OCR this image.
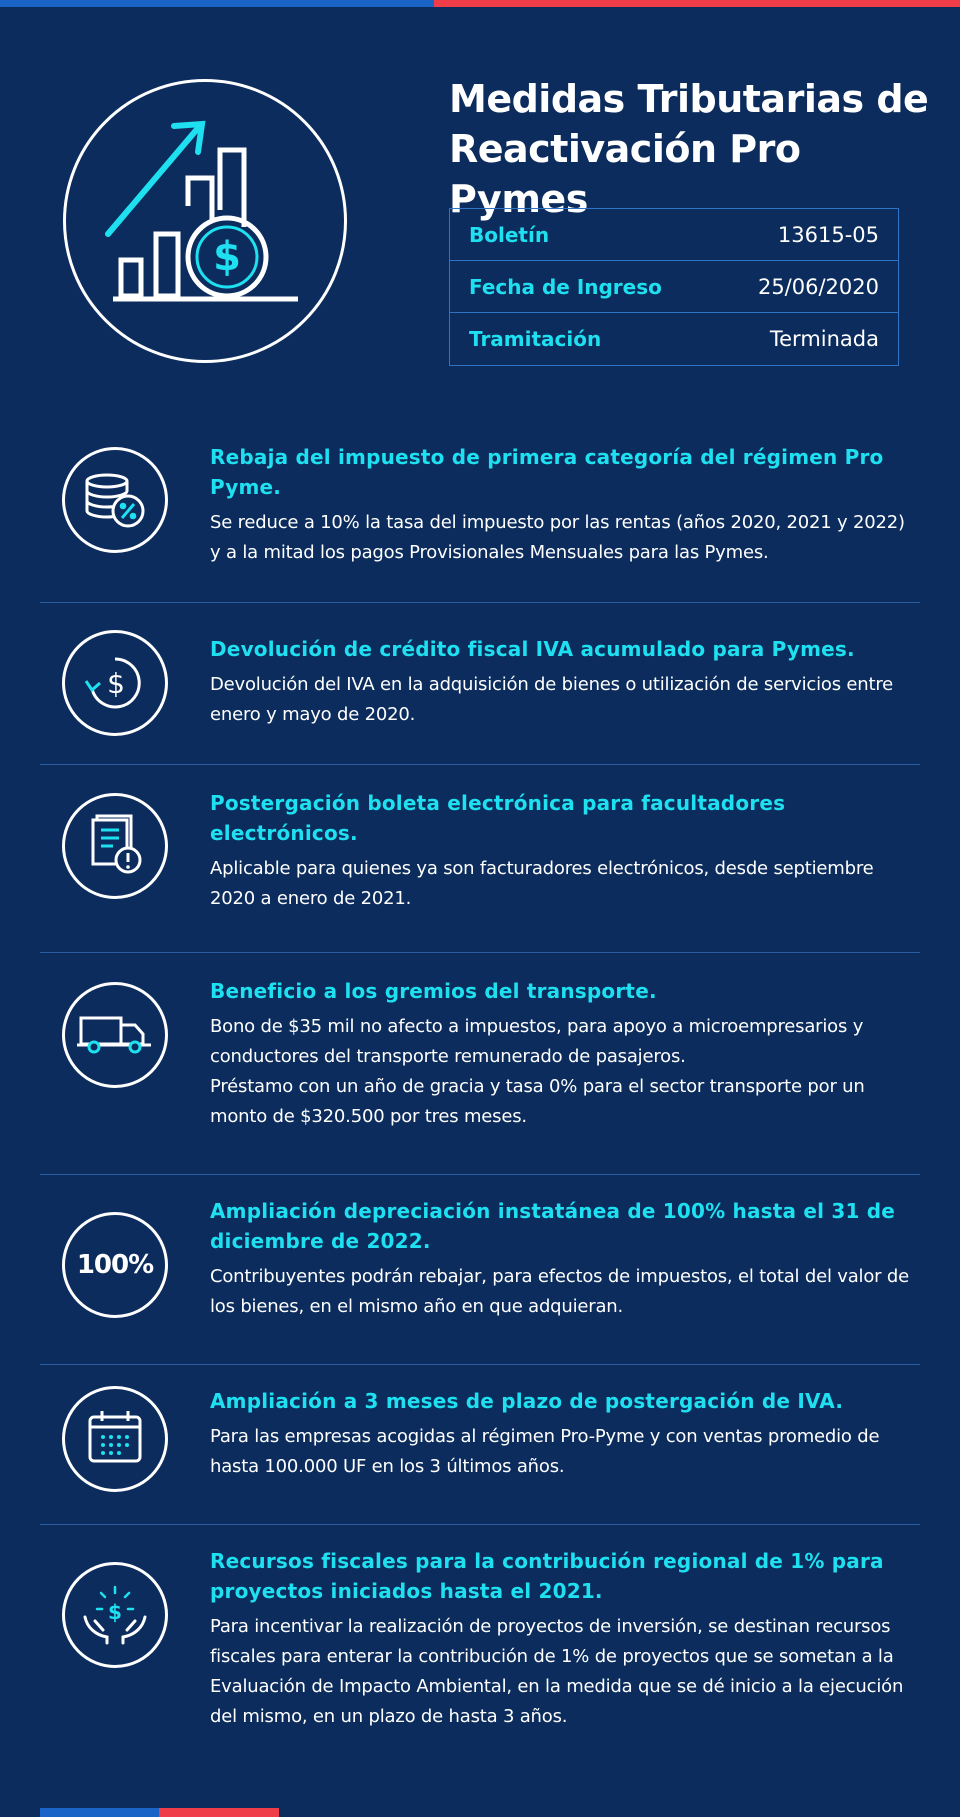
$
Medidas Tributarias de
Reactivación Pro Pymes
Boletín	13615-05
Fecha de Ingreso	25/06/2020
Tramitación	Terminada
Rebaja del impuesto de primera categoría del régimen Pro Pyme.

Se reduce a 10% la tasa del impuesto por las rentas (años 2020, 2021 y 2022) y a la mitad los pagos Provisionales Mensuales para las Pymes.

$
Devolución de crédito fiscal IVA acumulado para Pymes.

Devolución del IVA en la adquisición de bienes o utilización de servicios entre enero y mayo de 2020.

Postergación boleta electrónica para facultadores electrónicos.

Aplicable para quienes ya son facturadores electrónicos, desde septiembre 2020 a enero de 2021.

Beneficio a los gremios del transporte.

Bono de $35 mil no afecto a impuestos, para apoyo a microempresarios y conductores del transporte remunerado de pasajeros.
Préstamo con un año de gracia y tasa 0% para el sector transporte por un monto de $320.500 por tres meses.

100%
Ampliación depreciación instatánea de 100% hasta el 31 de diciembre de 2022.

Contribuyentes podrán rebajar, para efectos de impuestos, el total del valor de los bienes, en el mismo año en que adquieran.

Ampliación a 3 meses de plazo de postergación de IVA.

Para las empresas acogidas al régimen Pro-Pyme y con ventas promedio de hasta 100.000 UF en los 3 últimos años.

$
Recursos fiscales para la contribución regional de 1% para proyectos iniciados hasta el 2021.

Para incentivar la realización de proyectos de inversión, se destinan recursos fiscales para enterar la contribución de 1% de proyectos que se sometan a la Evaluación de Impacto Ambiental, en la medida que se dé inicio a la ejecución del mismo, en un plazo de hasta 3 años.
